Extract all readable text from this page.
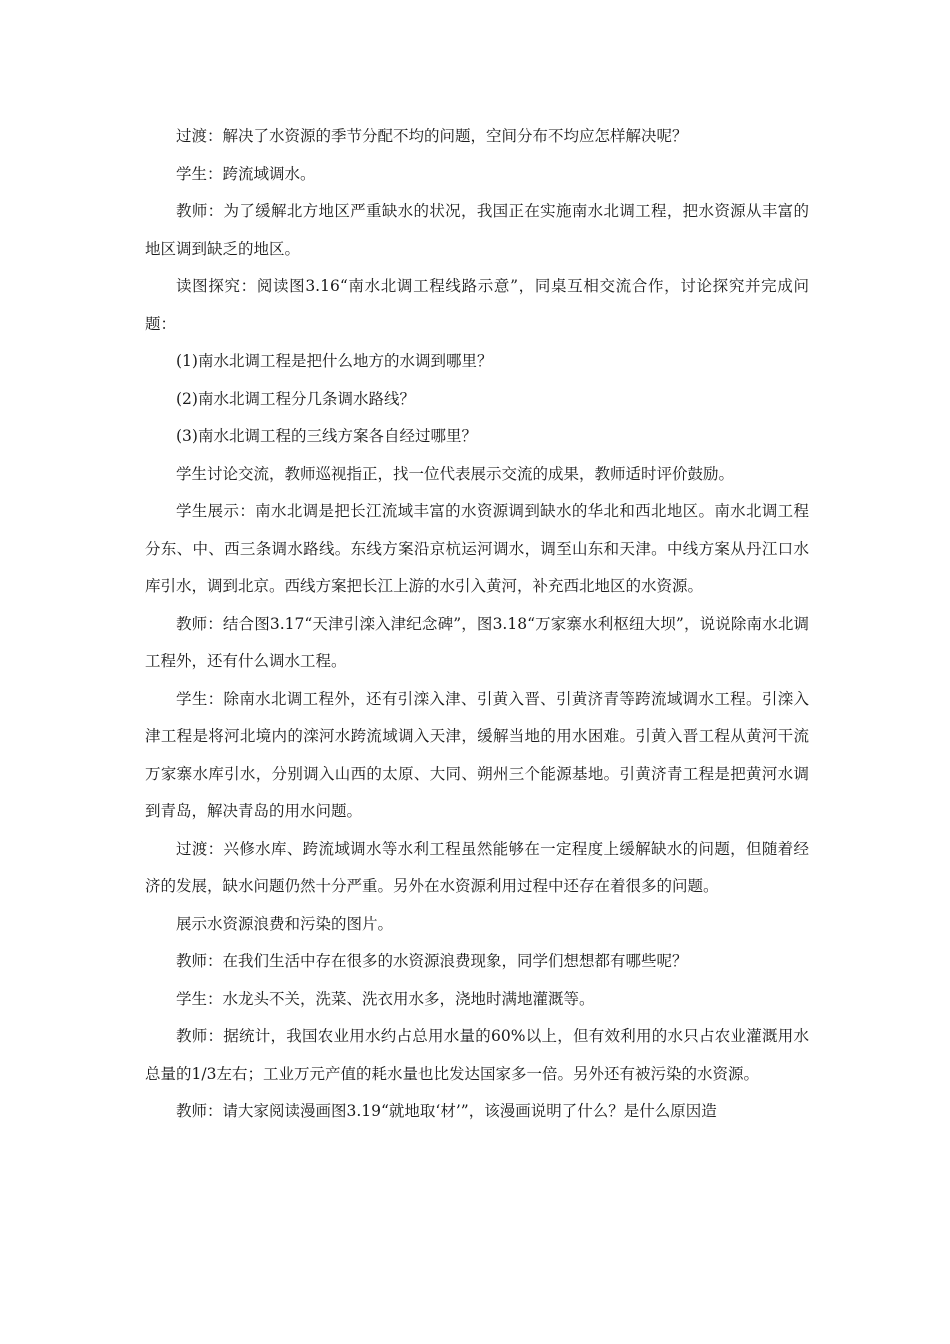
过渡：解决了水资源的季节分配不均的问题，空间分布不均应怎样解决呢？

学生：跨流域调水。

教师：为了缓解北方地区严重缺水的状况，我国正在实施南水北调工程，把水资源从丰富的地区调到缺乏的地区。

读图探究：阅读图3.16“南水北调工程线路示意”，同桌互相交流合作，讨论探究并完成问题：

(1)南水北调工程是把什么地方的水调到哪里？

(2)南水北调工程分几条调水路线？

(3)南水北调工程的三线方案各自经过哪里？

学生讨论交流，教师巡视指正，找一位代表展示交流的成果，教师适时评价鼓励。

学生展示：南水北调是把长江流域丰富的水资源调到缺水的华北和西北地区。南水北调工程分东、中、西三条调水路线。东线方案沿京杭运河调水，调至山东和天津。中线方案从丹江口水库引水，调到北京。西线方案把长江上游的水引入黄河，补充西北地区的水资源。

教师：结合图3.17“天津引滦入津纪念碑”，图3.18“万家寨水利枢纽大坝”，说说除南水北调工程外，还有什么调水工程。

学生：除南水北调工程外，还有引滦入津、引黄入晋、引黄济青等跨流域调水工程。引滦入津工程是将河北境内的滦河水跨流域调入天津，缓解当地的用水困难。引黄入晋工程从黄河干流万家寨水库引水，分别调入山西的太原、大同、朔州三个能源基地。引黄济青工程是把黄河水调到青岛，解决青岛的用水问题。

过渡：兴修水库、跨流域调水等水利工程虽然能够在一定程度上缓解缺水的问题，但随着经济的发展，缺水问题仍然十分严重。另外在水资源利用过程中还存在着很多的问题。

展示水资源浪费和污染的图片。

教师：在我们生活中存在很多的水资源浪费现象，同学们想想都有哪些呢？

学生：水龙头不关，洗菜、洗衣用水多，浇地时满地灌溉等。

教师：据统计，我国农业用水约占总用水量的60%以上，但有效利用的水只占农业灌溉用水总量的1/3左右；工业万元产值的耗水量也比发达国家多一倍。另外还有被污染的水资源。

教师：请大家阅读漫画图3.19“就地取‘材’”，该漫画说明了什么？是什么原因造
